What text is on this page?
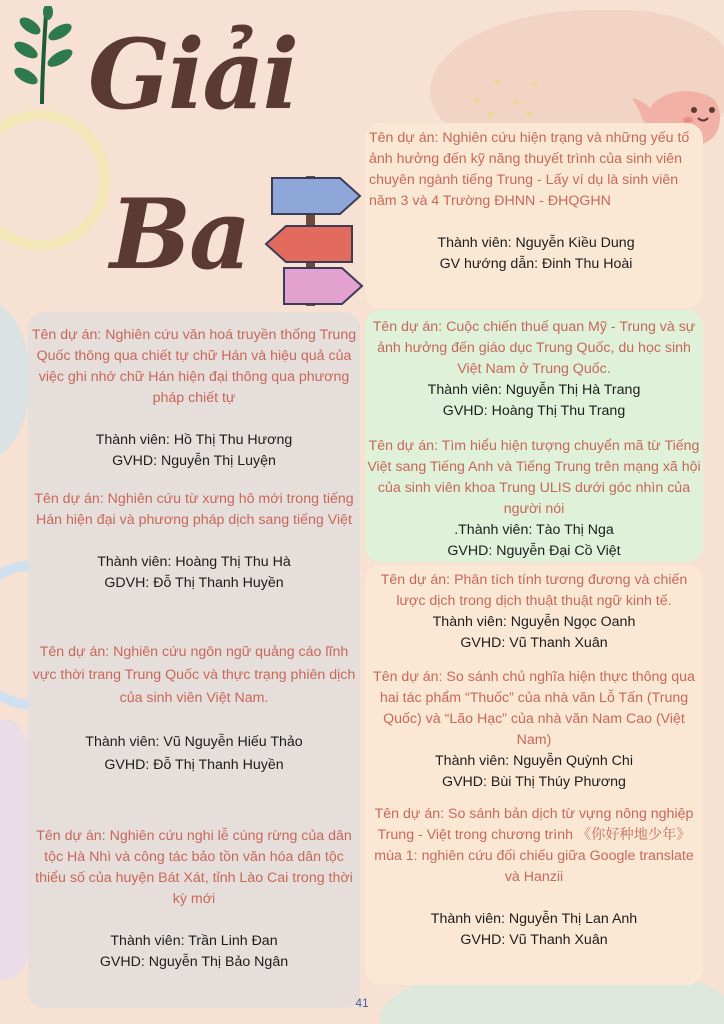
Giải
Ba

Tên dự án: Nghiên cứu văn hoá truyền thống Trung Quốc thông qua chiết tự chữ Hán và hiệu quả của việc ghi nhớ chữ Hán hiện đại thông qua phương pháp chiết tự

Thành viên: Hồ Thị Thu Hương

GVHD: Nguyễn Thị Luyện

Tên dự án: Nghiên cứu từ xưng hô mới trong tiếng Hán hiện đại và phương pháp dịch sang tiếng Việt

Thành viên: Hoàng Thị Thu Hà

GDVH: Đỗ Thị Thanh Huyền

Tên dự án: Nghiên cứu ngôn ngữ quảng cáo lĩnh vực thời trang Trung Quốc và thực trạng phiên dịch của sinh viên Việt Nam.

Thành viên: Vũ Nguyễn Hiếu Thảo

GVHD: Đỗ Thị Thanh Huyền

Tên dự án: Nghiên cứu nghi lễ cúng rừng của dân tộc Hà Nhì và công tác bảo tồn văn hóa dân tộc thiểu số của huyện Bát Xát, tỉnh Lào Cai trong thời kỳ mới

Thành viên: Trần Linh Đan

GVHD: Nguyễn Thị Bảo Ngân

Tên dự án: Nghiên cứu hiện trạng và những yếu tố ảnh hưởng đến kỹ năng thuyết trình của sinh viên chuyên ngành tiếng Trung - Lấy ví dụ là sinh viên năm 3 và 4 Trường ĐHNN - ĐHQGHN

Thành viên: Nguyễn Kiều Dung

GV hướng dẫn: Đinh Thu Hoài

Tên dự án: Cuộc chiến thuế quan Mỹ - Trung và sự ảnh hưởng đến giáo dục Trung Quốc, du học sinh Việt Nam ở Trung Quốc.

Thành viên: Nguyễn Thị Hà Trang

GVHD: Hoàng Thị Thu Trang

Tên dự án: Tìm hiểu hiện tượng chuyển mã từ Tiếng Việt sang Tiếng Anh và Tiếng Trung trên mạng xã hội của sinh viên khoa Trung ULIS dưới góc nhìn của người nói

.Thành viên: Tào Thị Nga

GVHD: Nguyễn Đại Cồ Việt

Tên dự án: Phân tích tính tương đương và chiến lược dịch trong dịch thuật thuật ngữ kinh tế.

Thành viên: Nguyễn Ngọc Oanh

GVHD: Vũ Thanh Xuân

Tên dự án: So sánh chủ nghĩa hiện thực thông qua hai tác phẩm “Thuốc” của nhà văn Lỗ Tấn (Trung Quốc) và “Lão Hạc” của nhà văn Nam Cao (Việt Nam)

Thành viên: Nguyễn Quỳnh Chi

GVHD: Bùi Thị Thúy Phương

Tên dự án: So sánh bản dịch từ vựng nông nghiệp Trung - Việt trong chương trình 《你好种地少年》 mùa 1: nghiên cứu đối chiếu giữa Google translate và Hanzii

Thành viên: Nguyễn Thị Lan Anh

GVHD: Vũ Thanh Xuân

41
